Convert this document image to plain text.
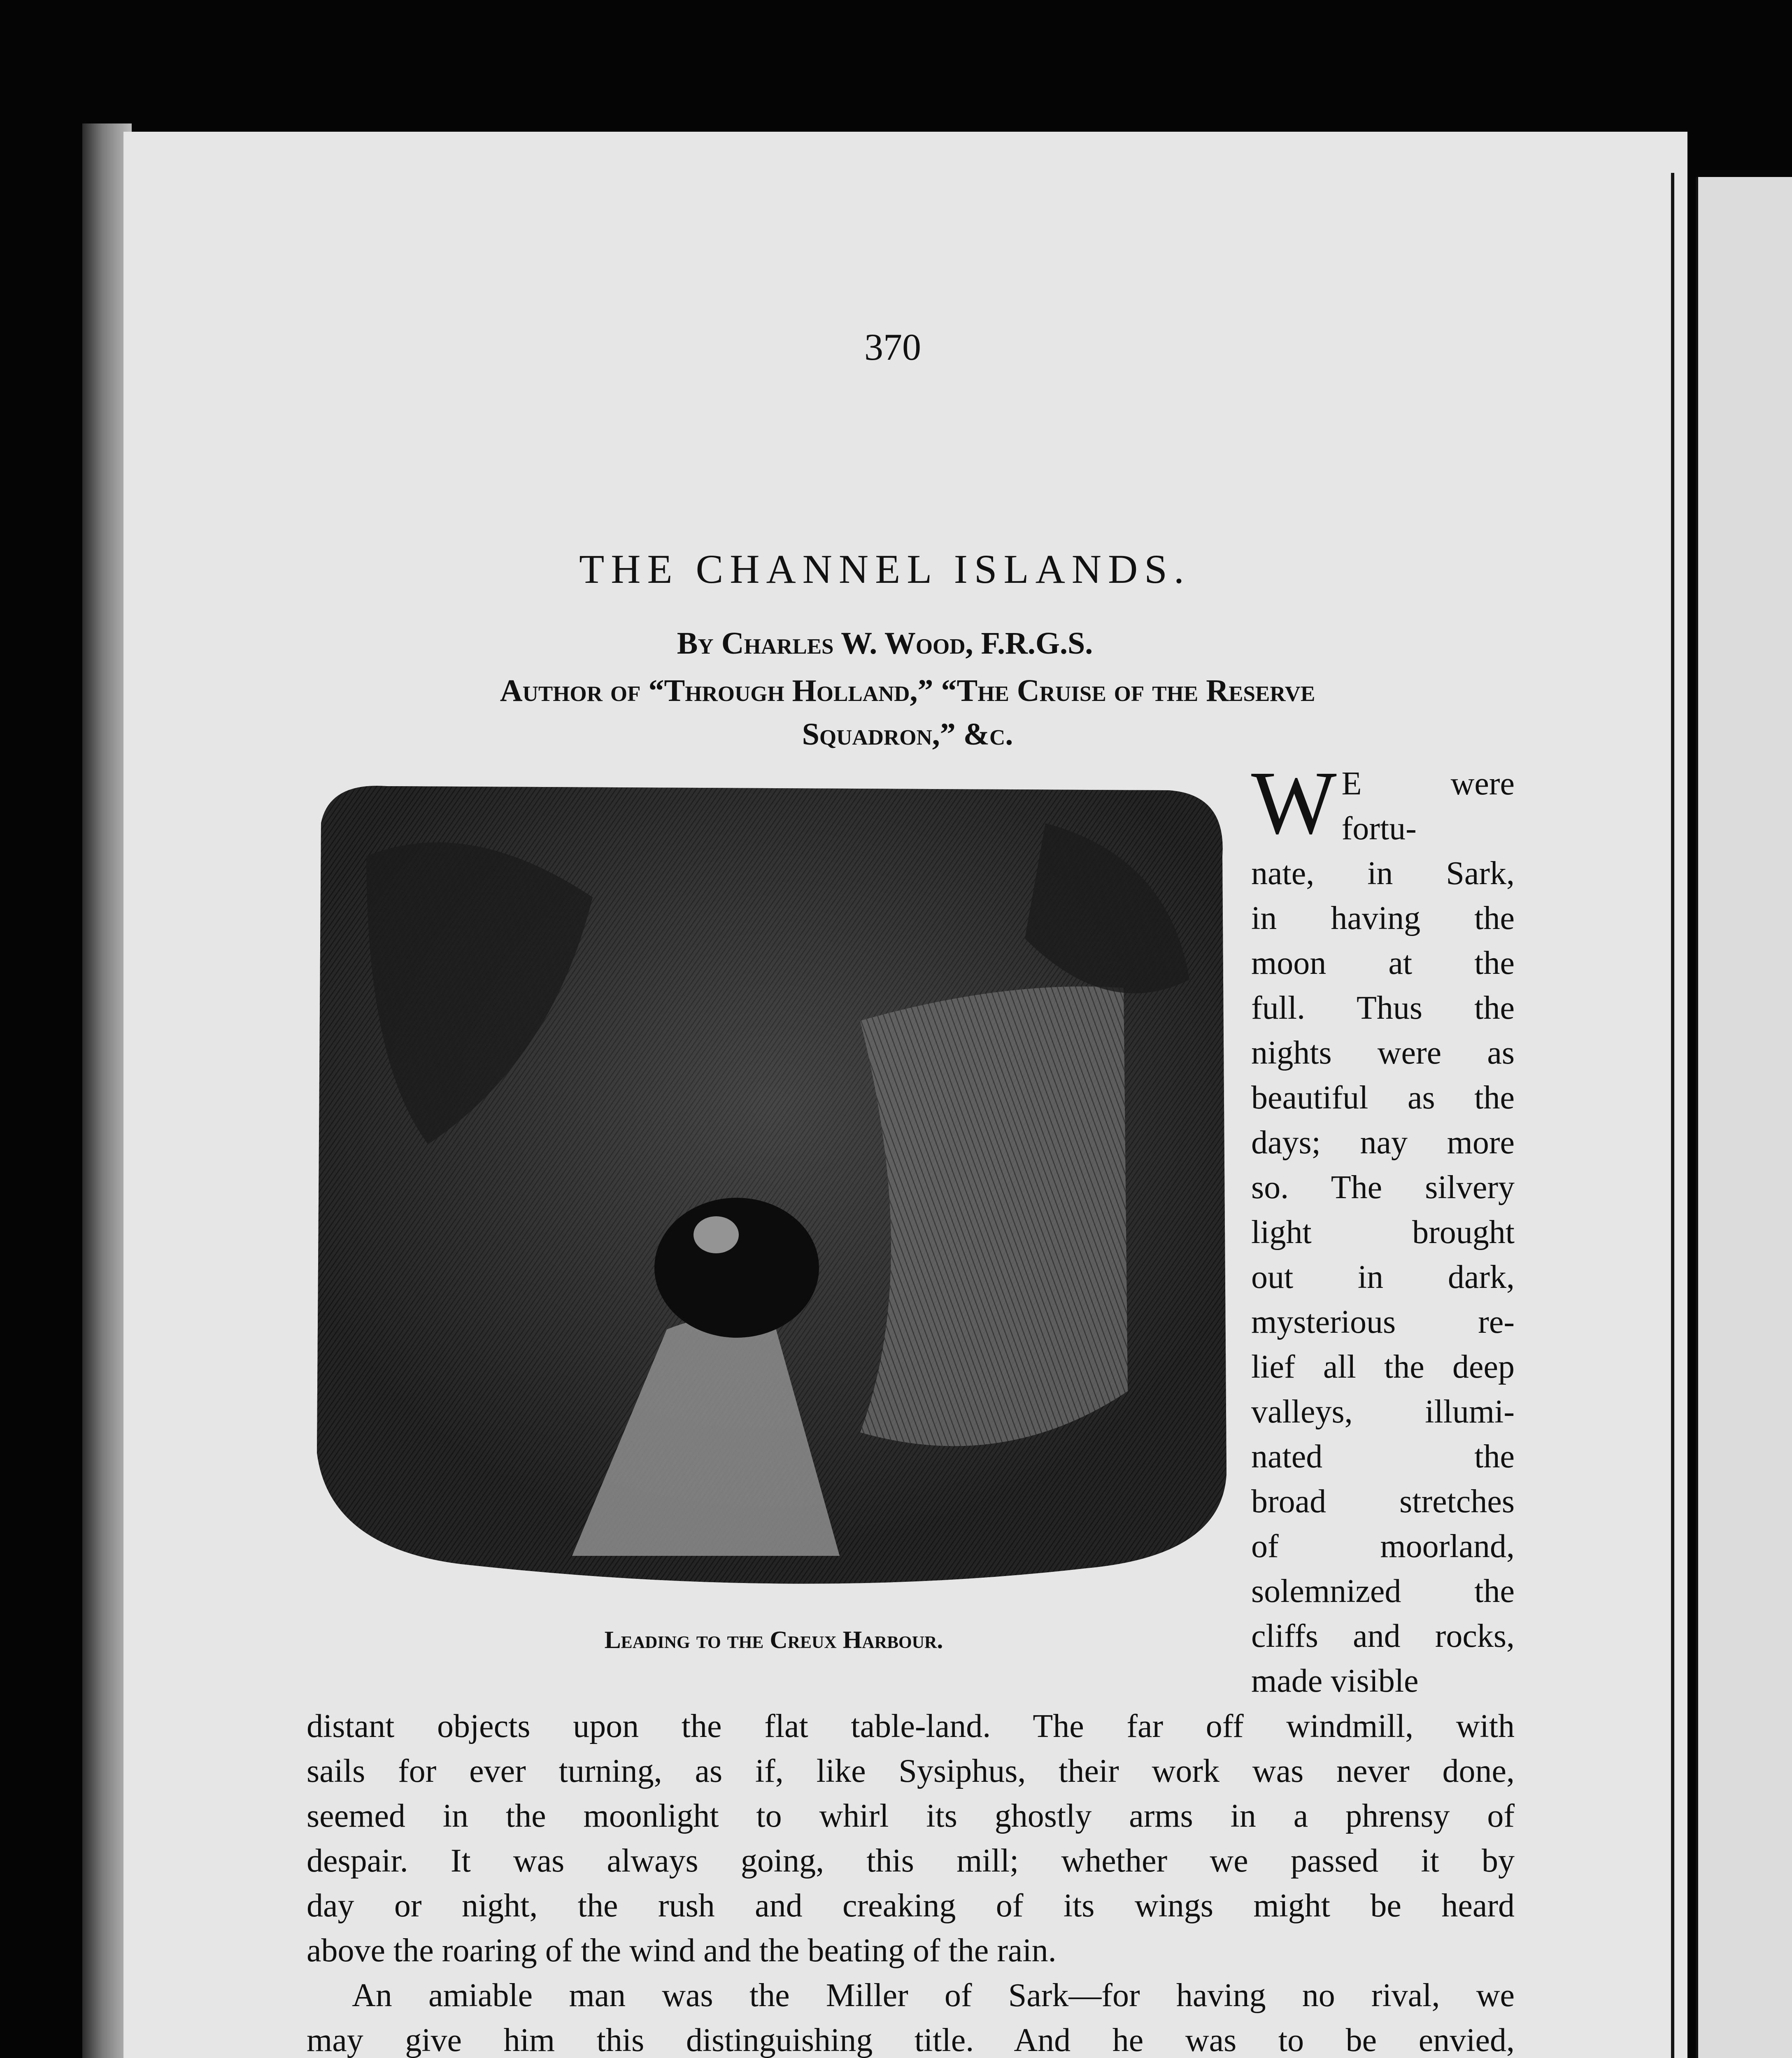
370
THE CHANNEL ISLANDS.
By Charles W. Wood, F.R.G.S.
Author of “Through Holland,” “The Cruise of the Reserve
Squadron,” &c.
Leading to the Creux Harbour.
W E were fortu-
nate, in Sark,
in having the
moon at the
full. Thus the
nights were as
beautiful as the
days; nay more
so. The silvery
light brought
out in dark,
mysterious re-
lief all the deep
valleys, illumi-
nated the
broad stretches
of moorland,
solemnized the
cliffs and rocks,
made visible

distant objects upon the flat table-land. The far off windmill, with
sails for ever turning, as if, like Sysiphus, their work was never done,
seemed in the moonlight to whirl its ghostly arms in a phrensy of
despair. It was always going, this mill; whether we passed it by
day or night, the rush and creaking of its wings might be heard
above the roaring of the wind and the beating of the rain.

An amiable man was the Miller of Sark—for having no rival, we
may give him this distinguishing title. And he was to be envied,
